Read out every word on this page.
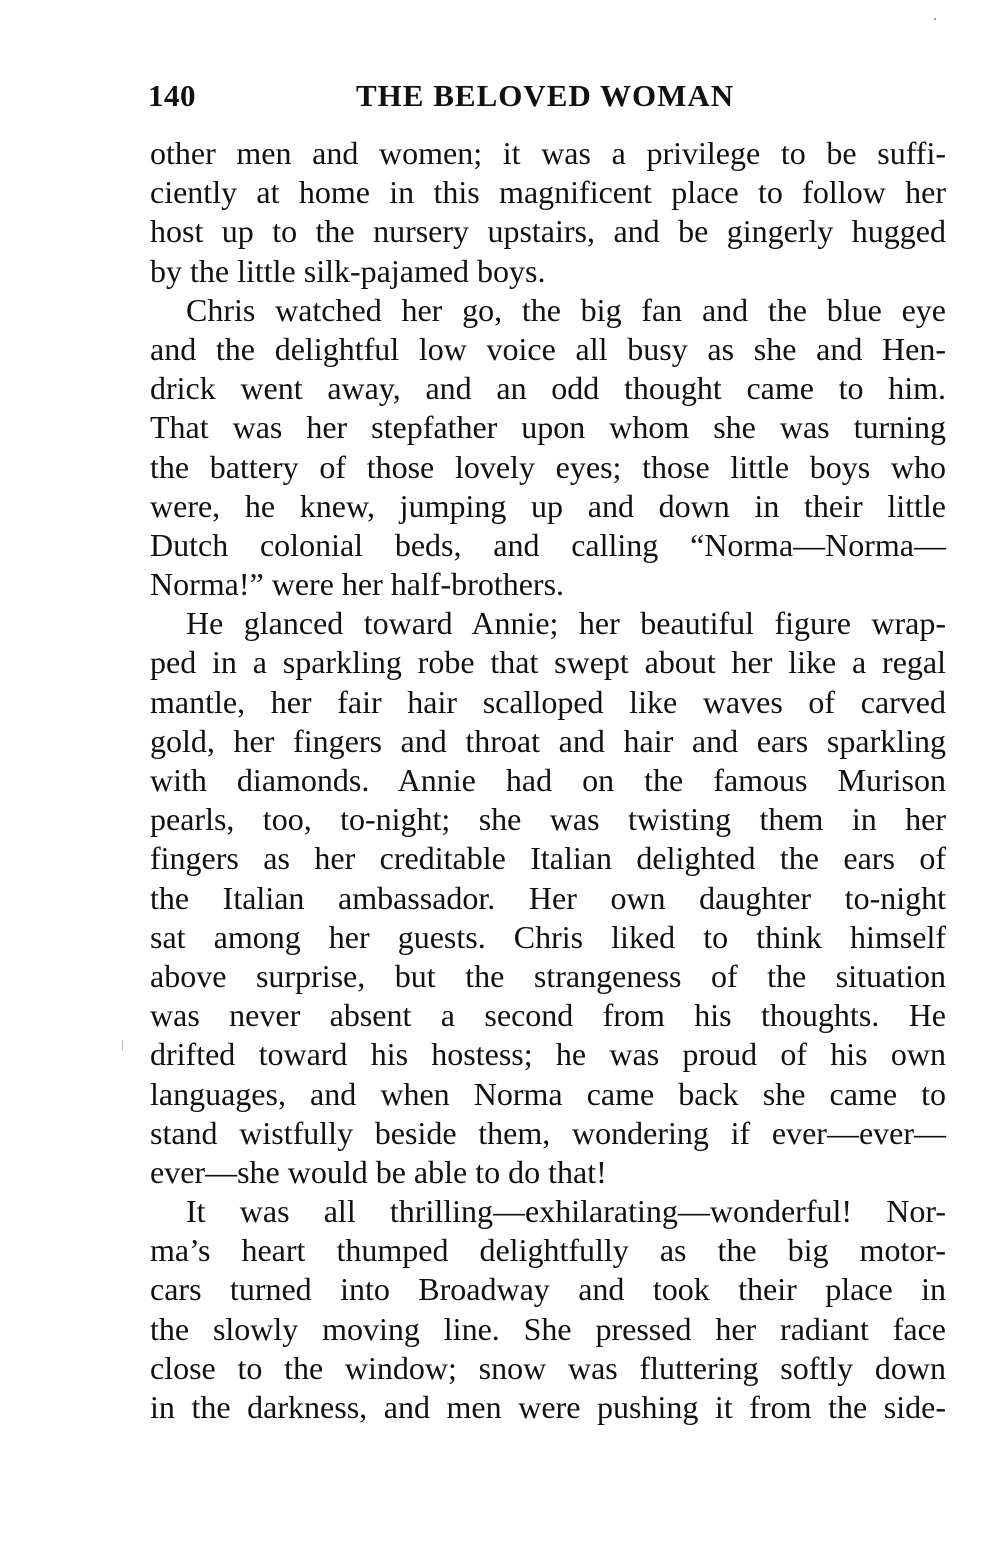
140	THE BELOVED WOMAN
other men and women; it was a privilege to be suffi-
ciently at home in this magnificent place to follow her
host up to the nursery upstairs, and be gingerly hugged
by the little silk-pajamed boys.
Chris watched her go, the big fan and the blue eye
and the delightful low voice all busy as she and Hen-
drick went away, and an odd thought came to him.
That was her stepfather upon whom she was turning
the battery of those lovely eyes; those little boys who
were, he knew, jumping up and down in their little
Dutch colonial beds, and calling “Norma—Norma—
Norma!” were her half-brothers.
He glanced toward Annie; her beautiful figure wrap-
ped in a sparkling robe that swept about her like a regal
mantle, her fair hair scalloped like waves of carved
gold, her fingers and throat and hair and ears sparkling
with diamonds. Annie had on the famous Murison
pearls, too, to-night; she was twisting them in her
fingers as her creditable Italian delighted the ears of
the Italian ambassador. Her own daughter to-night
sat among her guests. Chris liked to think himself
above surprise, but the strangeness of the situation
was never absent a second from his thoughts. He
drifted toward his hostess; he was proud of his own
languages, and when Norma came back she came to
stand wistfully beside them, wondering if ever—ever—
ever—she would be able to do that!
It was all thrilling—exhilarating—wonderful! Nor-
ma’s heart thumped delightfully as the big motor-
cars turned into Broadway and took their place in
the slowly moving line. She pressed her radiant face
close to the window; snow was fluttering softly down
in the darkness, and men were pushing it from the side-
